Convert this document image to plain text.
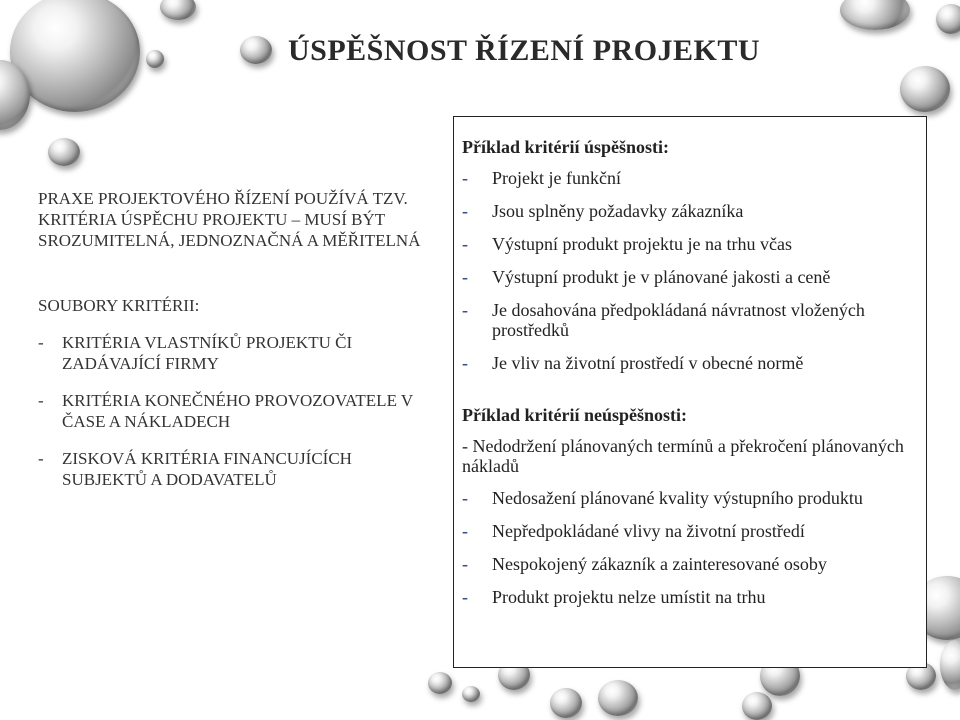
ÚSPĚŠNOST ŘÍZENÍ PROJEKTU

PRAXE PROJEKTOVÉHO ŘÍZENÍ POUŽÍVÁ TZV. KRITÉRIA ÚSPĚCHU PROJEKTU – MUSÍ BÝT SROZUMITELNÁ, JEDNOZNAČNÁ A MĚŘITELNÁ

SOUBORY KRITÉRII:

-	KRITÉRIA VLASTNÍKŮ PROJEKTU ČI ZADÁVAJÍCÍ FIRMY
-	KRITÉRIA KONEČNÉHO PROVOZOVATELE V ČASE A NÁKLADECH
-	ZISKOVÁ KRITÉRIA FINANCUJÍCÍCH SUBJEKTŮ A DODAVATELŮ
Příklad kritérií úspěšnosti:
-	Projekt je funkční
-	Jsou splněny požadavky zákazníka
-	Výstupní produkt projektu je na trhu včas
-	Výstupní produkt je v plánované jakosti a ceně
-	Je dosahována předpokládaná návratnost vložených prostředků
-	Je vliv na životní prostředí v obecné normě
Příklad kritérií neúspěšnosti:

- Nedodržení plánovaných termínů a překročení plánovaných nákladů

-	Nedosažení plánované kvality výstupního produktu
-	Nepředpokládané vlivy na životní prostředí
-	Nespokojený zákazník a zainteresované osoby
-	Produkt projektu nelze umístit na trhu
